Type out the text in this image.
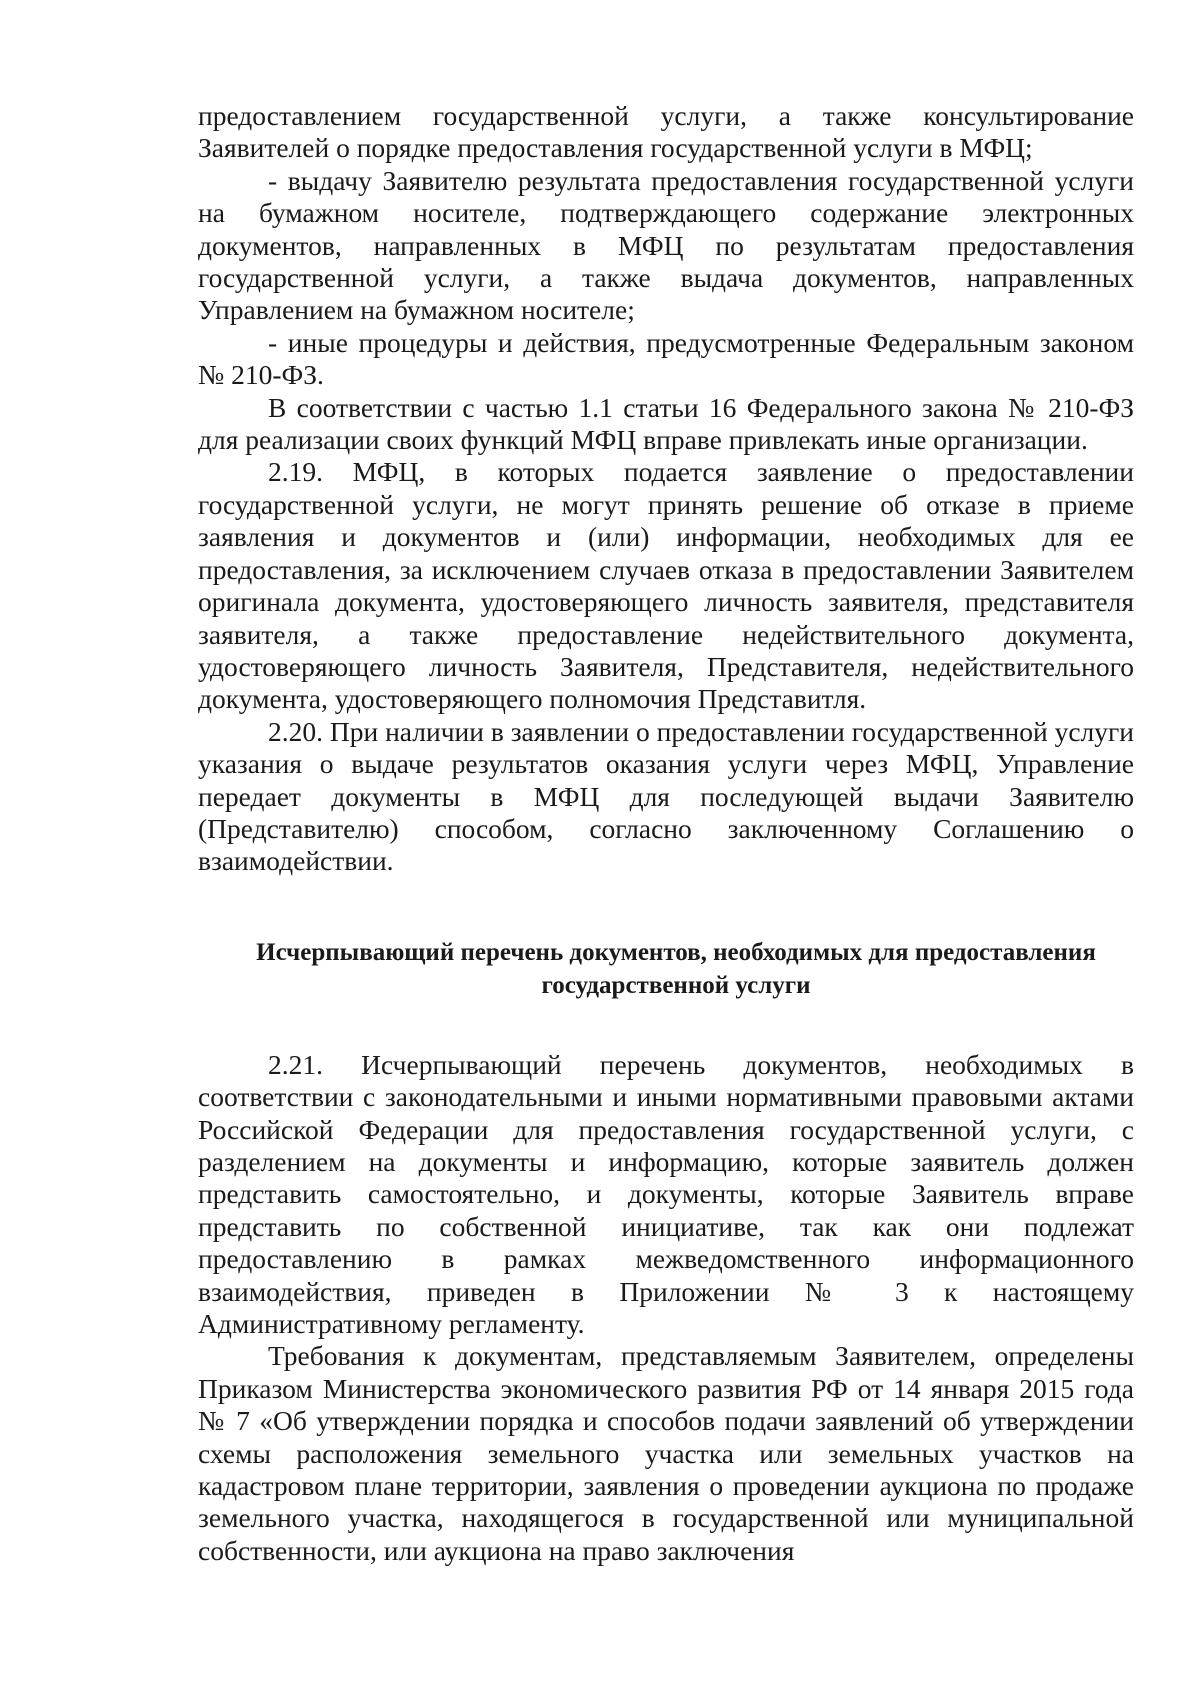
предоставлением государственной услуги, а также консультирование Заявителей о порядке предоставления государственной услуги в МФЦ;

- выдачу Заявителю результата предоставления государственной услуги на бумажном носителе, подтверждающего содержание электронных документов, направленных в МФЦ по результатам предоставления государственной услуги, а также выдача документов, направленных Управлением на бумажном носителе;

- иные процедуры и действия, предусмотренные Федеральным законом № 210-ФЗ.

В соответствии с частью 1.1 статьи 16 Федерального закона № 210-ФЗ для реализации своих функций МФЦ вправе привлекать иные организации.

2.19. МФЦ, в которых подается заявление о предоставлении государственной услуги, не могут принять решение об отказе в приеме заявления и документов и (или) информации, необходимых для ее предоставления, за исключением случаев отказа в предоставлении Заявителем оригинала документа, удостоверяющего личность заявителя, представителя заявителя, а также предоставление недействительного документа, удостоверяющего личность Заявителя, Представителя, недействительного документа, удостоверяющего полномочия Представитля.

2.20. При наличии в заявлении о предоставлении государственной услуги указания о выдаче результатов оказания услуги через МФЦ, Управление передает документы в МФЦ для последующей выдачи Заявителю (Представителю) способом, согласно заключенному Соглашению о взаимодействии.

Исчерпывающий перечень документов, необходимых для предоставления
государственной услуги

2.21. Исчерпывающий перечень документов, необходимых в соответствии с законодательными и иными нормативными правовыми актами Российской Федерации для предоставления государственной услуги, с разделением на документы и информацию, которые заявитель должен представить самостоятельно, и документы, которые Заявитель вправе представить по собственной инициативе, так как они подлежат предоставлению в рамках межведомственного информационного взаимодействия, приведен в Приложении № 3 к настоящему Административному регламенту.

Требования к документам, представляемым Заявителем, определены Приказом Министерства экономического развития РФ от 14 января 2015 года № 7 «Об утверждении порядка и способов подачи заявлений об утверждении схемы расположения земельного участка или земельных участков на кадастровом плане территории, заявления о проведении аукциона по продаже земельного участка, находящегося в государственной или муниципальной собственности, или аукциона на право заключения
